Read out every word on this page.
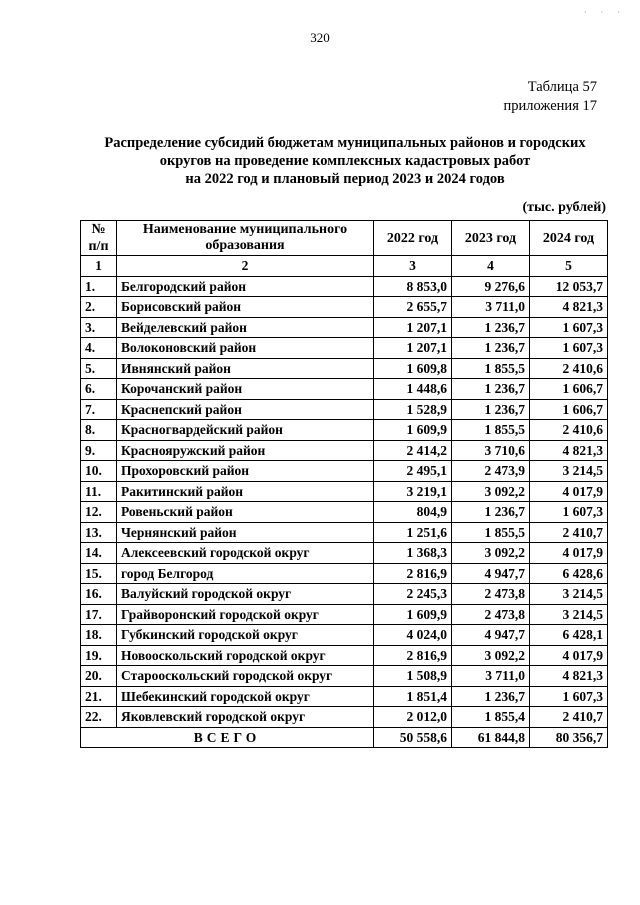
· · ·
320
Таблица 57
приложения 17
Распределение субсидий бюджетам муниципальных районов и городских
округов на проведение комплексных кадастровых работ
на 2022 год и плановый период 2023 и 2024 годов
(тыс. рублей)
№ п/п	Наименование муниципального образования	2022 год	2023 год	2024 год
1	2	3	4	5
1.	Белгородский район	8 853,0	9 276,6	12 053,7
2.	Борисовский район	2 655,7	3 711,0	4 821,3
3.	Вейделевский район	1 207,1	1 236,7	1 607,3
4.	Волоконовский район	1 207,1	1 236,7	1 607,3
5.	Ивнянский район	1 609,8	1 855,5	2 410,6
6.	Корочанский район	1 448,6	1 236,7	1 606,7
7.	Краснепский район	1 528,9	1 236,7	1 606,7
8.	Красногвардейский район	1 609,9	1 855,5	2 410,6
9.	Краснояружский район	2 414,2	3 710,6	4 821,3
10.	Прохоровский район	2 495,1	2 473,9	3 214,5
11.	Ракитинский район	3 219,1	3 092,2	4 017,9
12.	Ровеньский район	804,9	1 236,7	1 607,3
13.	Чернянский район	1 251,6	1 855,5	2 410,7
14.	Алексеевский городской округ	1 368,3	3 092,2	4 017,9
15.	город Белгород	2 816,9	4 947,7	6 428,6
16.	Валуйский городской округ	2 245,3	2 473,8	3 214,5
17.	Грайворонский городской округ	1 609,9	2 473,8	3 214,5
18.	Губкинский городской округ	4 024,0	4 947,7	6 428,1
19.	Новооскольский городской округ	2 816,9	3 092,2	4 017,9
20.	Старооскольский городской округ	1 508,9	3 711,0	4 821,3
21.	Шебекинский городской округ	1 851,4	1 236,7	1 607,3
22.	Яковлевский городской округ	2 012,0	1 855,4	2 410,7
ВСЕГО		50 558,6	61 844,8	80 356,7
